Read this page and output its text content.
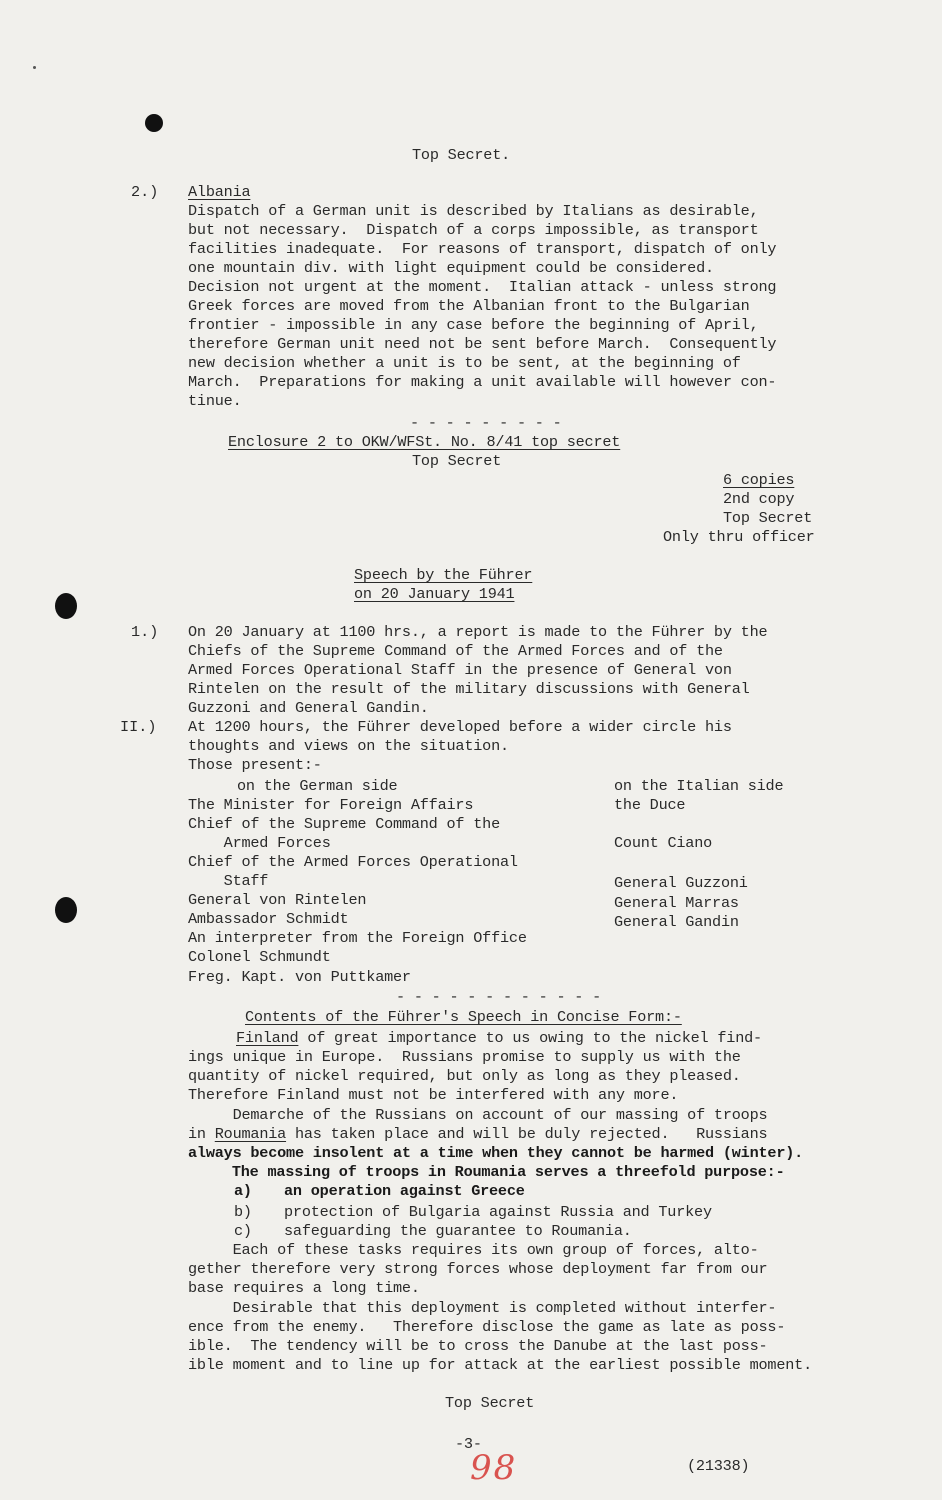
Top Secret.
2.) Albania
Dispatch of a German unit is described by Italians as desirable,
but not necessary.  Dispatch of a corps impossible, as transport
facilities inadequate.  For reasons of transport, dispatch of only
one mountain div. with light equipment could be considered.
Decision not urgent at the moment.  Italian attack - unless strong
Greek forces are moved from the Albanian front to the Bulgarian
frontier - impossible in any case before the beginning of April,
therefore German unit need not be sent before March.  Consequently
new decision whether a unit is to be sent, at the beginning of
March.  Preparations for making a unit available will however con-
tinue.
- - - - - - - - -
Enclosure 2 to OKW/WFSt. No. 8/41 top secret
Top Secret
6 copies
2nd copy
Top Secret
Only thru officer
Speech by the Führer
on 20 January 1941
1.) On 20 January at 1100 hrs., a report is made to the Führer by the
Chiefs of the Supreme Command of the Armed Forces and of the
Armed Forces Operational Staff in the presence of General von
Rintelen on the result of the military discussions with General
Guzzoni and General Gandin.
II.) At 1200 hours, the Führer developed before a wider circle his
thoughts and views on the situation.
Those present:-
on the German side	on the Italian side
The Minister for Foreign Affairs
Chief of the Supreme Command of the
Armed Forces
Chief of the Armed Forces Operational
Staff
General von Rintelen
Ambassador Schmidt
An interpreter from the Foreign Office
Colonel Schmundt
Freg. Kapt. von Puttkamer
the Duce
Count Ciano
General Guzzoni
General Marras
General Gandin
- - - - - - - - - - - -
Contents of the Führer's Speech in Concise Form:-
Finland of great importance to us owing to the nickel find-
ings unique in Europe.  Russians promise to supply us with the
quantity of nickel required, but only as long as they pleased.
Therefore Finland must not be interfered with any more.
Demarche of the Russians on account of our massing of troops
in Roumania has taken place and will be duly rejected.   Russians
always become insolent at a time when they cannot be harmed (winter).
The massing of troops in Roumania serves a threefold purpose:-
a) an operation against Greece
b) protection of Bulgaria against Russia and Turkey
c) safeguarding the guarantee to Roumania.
Each of these tasks requires its own group of forces, alto-
gether therefore very strong forces whose deployment far from our
base requires a long time.
Desirable that this deployment is completed without interfer-
ence from the enemy.   Therefore disclose the game as late as poss-
ible.  The tendency will be to cross the Danube at the last poss-
ible moment and to line up for attack at the earliest possible moment.
Top Secret
-3-
98	(21338)
